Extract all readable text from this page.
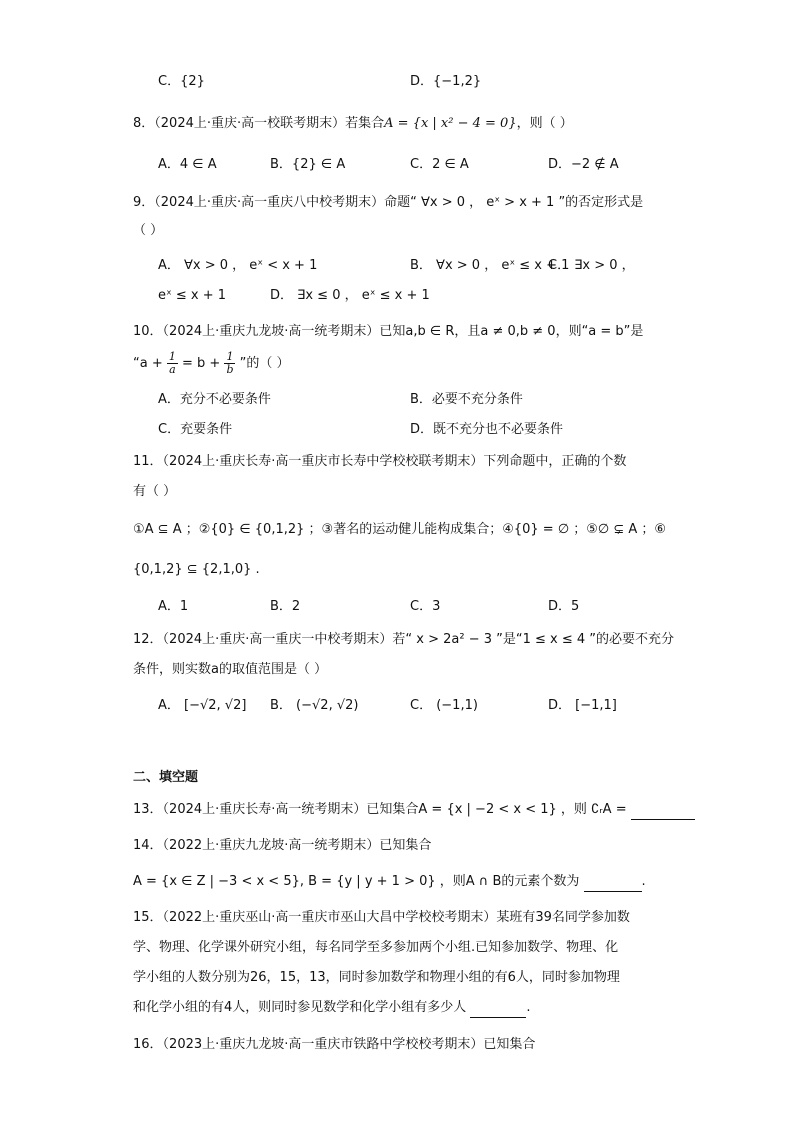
C．{2}	D．{−1,2}
8．（2024上·重庆·高一校联考期末）若集合A = {x | x² − 4 = 0}，则（ ）
A．4 ∈ A	B．{2} ∈ A	C．2 ∈ A	D．−2 ∉ A
9．（2024上·重庆·高一重庆八中校考期末）命题“ ∀x > 0 ， eˣ > x + 1 ”的否定形式是
（ ）
A． ∀x > 0 ， eˣ < x + 1	B． ∀x > 0 ， eˣ ≤ x + 1
C． ∃x > 0 ，
eˣ ≤ x + 1	D． ∃x ≤ 0 ， eˣ ≤ x + 1
10．（2024上·重庆九龙坡·高一统考期末）已知a,b ∈ R，且a ≠ 0,b ≠ 0，则“a = b”是
“$a + \frac{1}{a} = b + \frac{1}{b}$ ”的（ ）
A．充分不必要条件	B．必要不充分条件
C．充要条件	D．既不充分也不必要条件
11．（2024上·重庆长寿·高一重庆市长寿中学校校联考期末）下列命题中，正确的个数
有（ ）
①A ⊆ A ；②{0} ∈ {0,1,2} ；③著名的运动健儿能构成集合；④{0} = ∅ ；⑤∅ ⊊ A ；⑥
{0,1,2} ⊆ {2,1,0} .
A．1	B．2	C．3	D．5
12．（2024上·重庆·高一重庆一中校考期末）若“ x > 2a² − 3 ”是“1 ≤ x ≤ 4 ”的必要不充分
条件，则实数a的取值范围是（ ）
A． [−√2, √2] B． (−√2, √2)	C． (−1,1)	D． [−1,1]
二、填空题
13．（2024上·重庆长寿·高一统考期末）已知集合A = {x | −2 < x < 1} ，则 ∁ᵣA =
14．（2022上·重庆九龙坡·高一统考期末）已知集合
A = {x ∈ Z | −3 < x < 5}, B = {y | y + 1 > 0} ，则A ∩ B的元素个数为	.
15．（2022上·重庆巫山·高一重庆市巫山大昌中学校校考期末）某班有39名同学参加数
学、物理、化学课外研究小组，每名同学至多参加两个小组.已知参加数学、物理、化
学小组的人数分别为26，15，13，同时参加数学和物理小组的有6人，同时参加物理
和化学小组的有4人，则同时参见数学和化学小组有多少人	.
16．（2023上·重庆九龙坡·高一重庆市铁路中学校校考期末）已知集合
